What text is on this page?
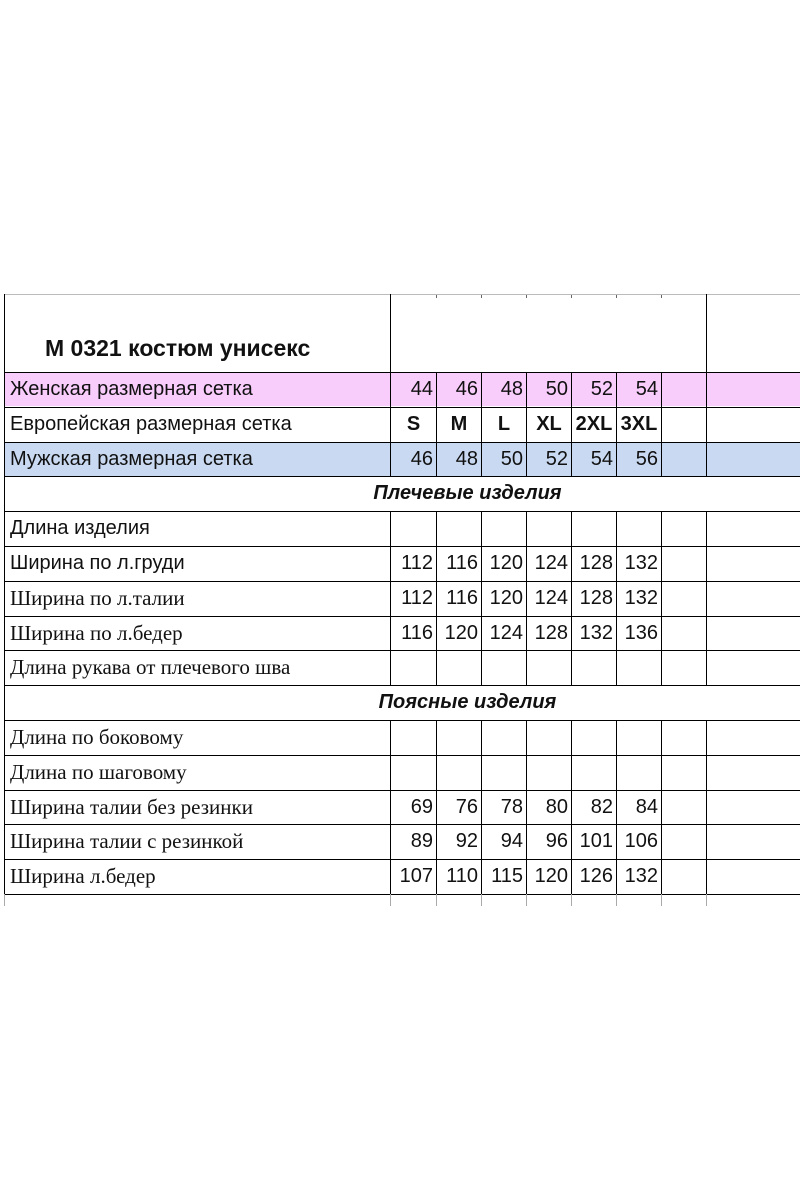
М 0321 костюм унисекс
Женская размерная сетка	44	46	48	50	52	54
Европейская размерная сетка	S	M	L	XL 2XL 3XL
Мужская размерная сетка	46	48	50	52	54	56
Плечевые изделия
Длина изделия
Ширина по л.груди	112 116 120 124 128 132
Ширина по л.талии	112 116 120 124 128 132
Ширина по л.бедер	116 120 124 128 132 136
Длина рукава от плечевого шва
Поясные изделия
Длина по боковому
Длина по шаговому
Ширина талии без резинки	69	76	78	80	82	84
Ширина талии с резинкой	89	92	94	96 101 106
Ширина л.бедер	107 110 115 120 126 132
